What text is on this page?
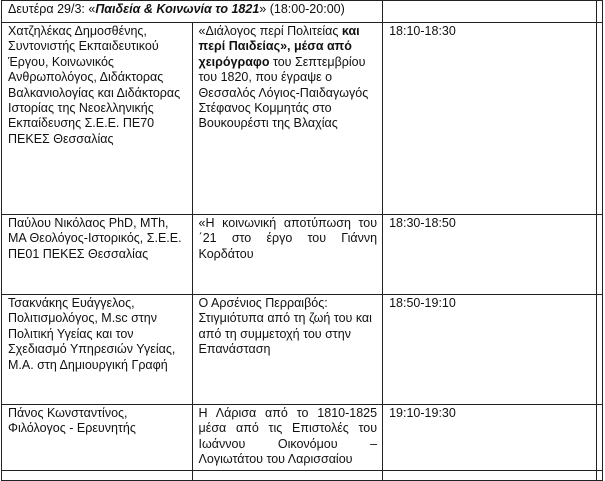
Δευτέρα 29/3: «Παιδεία & Κοινωνία το 1821» (18:00-20:00)			
Χατζηλέκας Δημοσθένης, Συντονιστής Εκπαιδευτικού Έργου, Κοινωνικός Ανθρωπολόγος, Διδάκτορας Βαλκανιολογίας και Διδάκτορας Ιστορίας της Νεοελληνικής Εκπαίδευσης Σ.Ε.Ε. ΠΕ70 ΠΕΚΕΣ Θεσσαλίας	«Διάλογος περί Πολιτείας και περί Παιδείας», μέσα από χειρόγραφο του Σεπτεμβρίου του 1820, που έγραψε ο Θεσσαλός Λόγιος-Παιδαγωγός Στέφανος Κομμητάς στο Βουκουρέστι της Βλαχίας	18:10-18:30	
Παύλου Νικόλαος PhD, MTh, MA Θεολόγος-Ιστορικός, Σ.Ε.Ε. ΠΕ01 ΠΕΚΕΣ Θεσσαλίας	«Η κοινωνική αποτύπωση του ΄21 στο έργο του Γιάννη Κορδάτου	18:30-18:50	
Τσακνάκης Ευάγγελος, Πολιτισμολόγος, M.sc στην Πολιτική Υγείας και τον Σχεδιασμό Υπηρεσιών Υγείας, Μ.Α. στη Δημιουργική Γραφή	Ο Αρσένιος Περραιβός: Στιγμιότυπα από τη ζωή του και από τη συμμετοχή του στην Επανάσταση	18:50-19:10	
Πάνος Κωνσταντίνος, Φιλόλογος - Ερευνητής	Η Λάρισα από το 1810-1825 μέσα από τις Επιστολές του Ιωάννου Οικονόμου – Λογιωτάτου του Λαρισσαίου	19:10-19:30	
